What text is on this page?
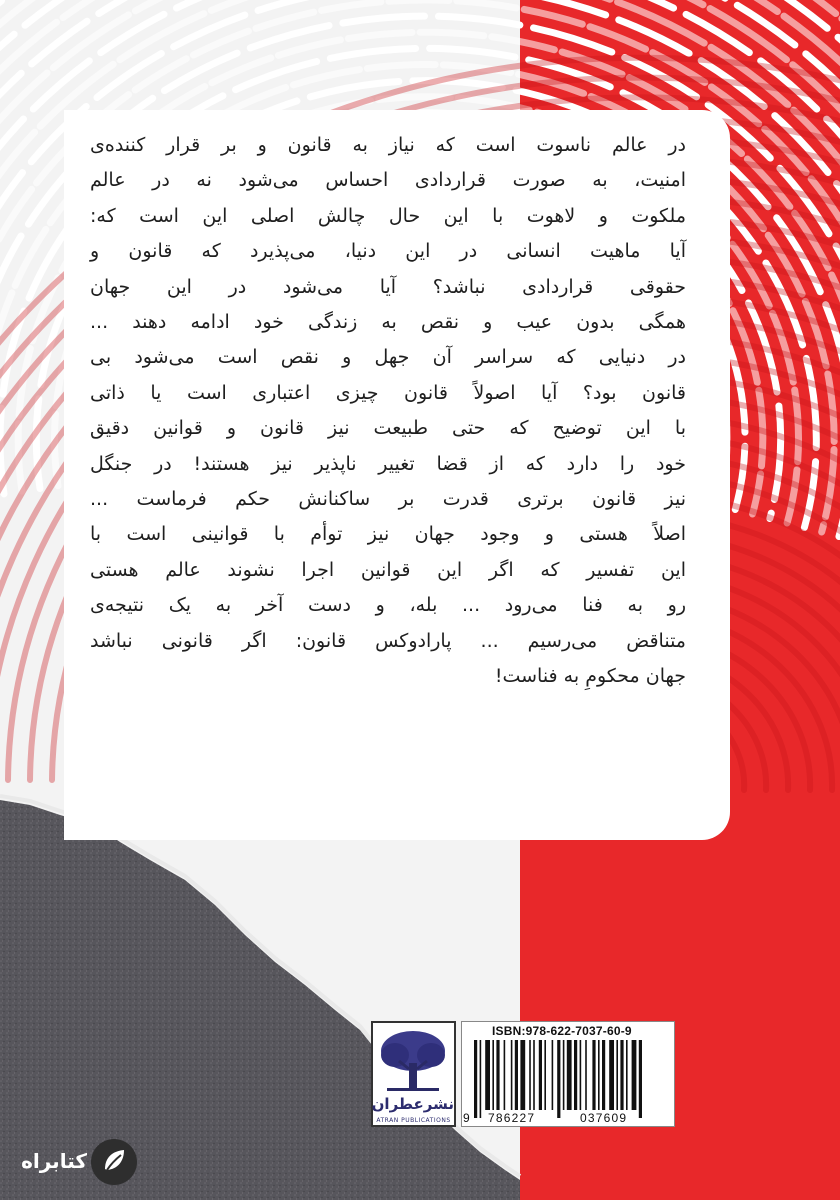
در عالم ناسوت است که نیاز به قانون و بر قرار کننده‌ی
امنیت، به صورت قراردادی احساس می‌شود نه در عالم
ملکوت و لاهوت با این حال چالش اصلی این است که:
آیا ماهیت انسانی در این دنیا، می‌پذیرد که قانون و
حقوقی قراردادی نباشد؟ آیا می‌شود در این جهان
همگی بدون عیب و نقص به زندگی خود ادامه دهند ...
در دنیایی که سراسر آن جهل و نقص است می‌شود بی
قانون بود؟ آیا اصولاً قانون چیزی اعتباری است یا ذاتی
با این توضیح که حتی طبیعت نیز قانون و قوانین دقیق
خود را دارد که از قضا تغییر ناپذیر نیز هستند! در جنگل
نیز قانون برتری قدرت بر ساکنانش حکم فرماست ...
اصلاً هستی و وجود جهان نیز توأم با قوانینی است با
این تفسیر که اگر این قوانین اجرا نشوند عالم هستی
رو به فنا می‌رود ... بله، و دست آخر به یک نتیجه‌ی
متناقض می‌رسیم ... پارادوکس قانون: اگر قانونی نباشد
جهان محکومِ به فناست!
نشرعطران
ATRAN PUBLICATIONS
ISBN:978-622-7037-60-9
9 786227	037609
کتابراه
